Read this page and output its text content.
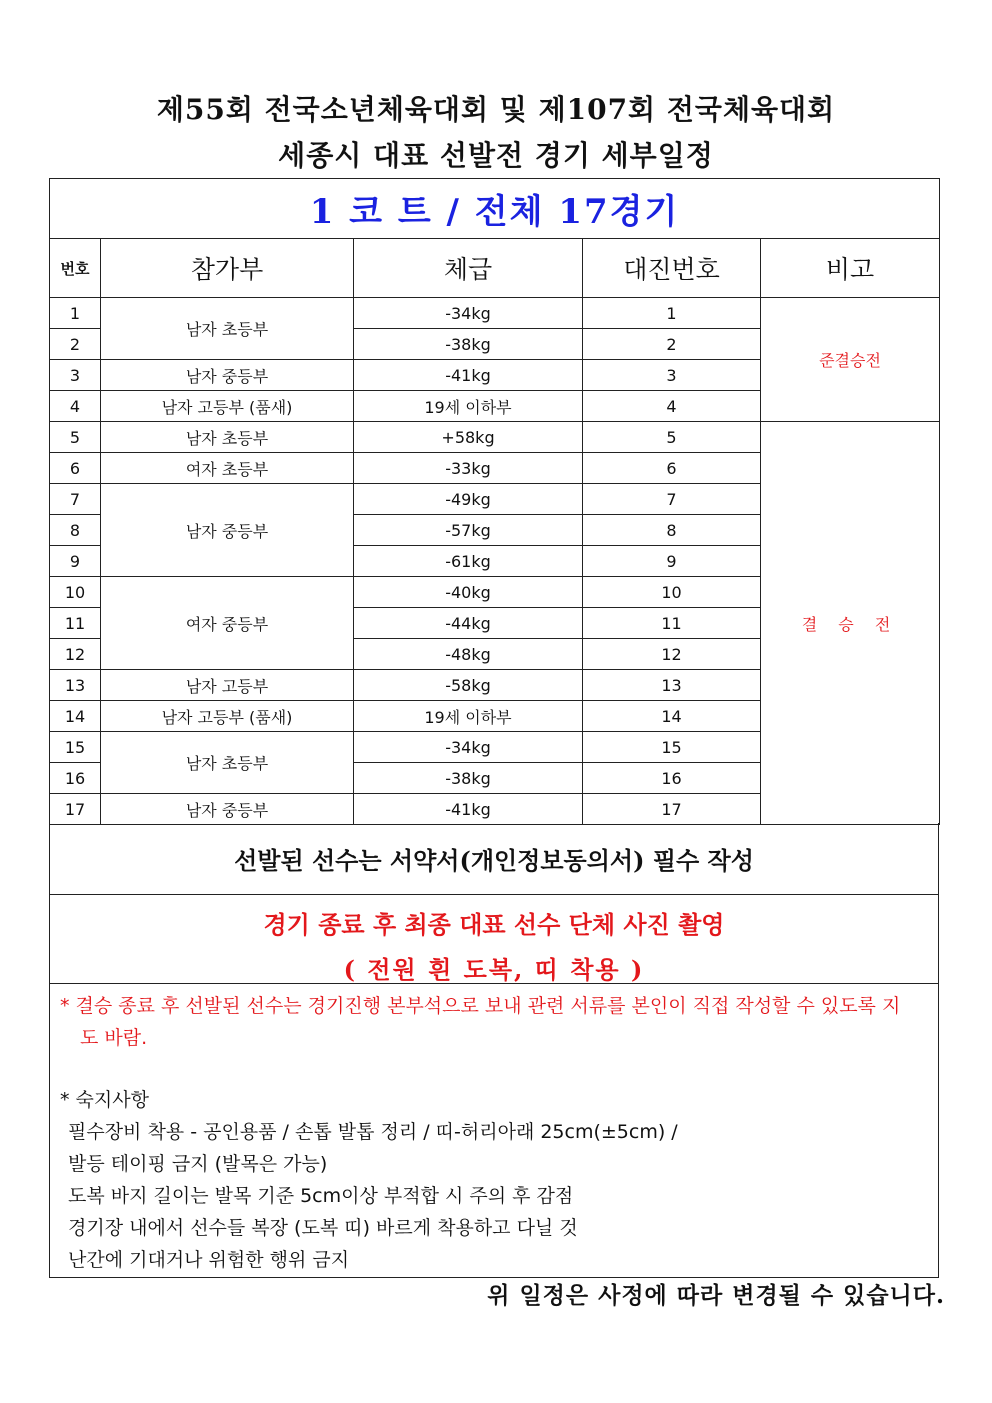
제55회 전국소년체육대회 및 제107회 전국체육대회
세종시 대표 선발전 경기 세부일정
1 코 트 / 전체 17경기				
번호	참가부	체급	대진번호	비고
1	남자 초등부	-34kg	1	준결승전
2		-38kg	2	
3	남자 중등부	-41kg	3	
4	남자 고등부 (품새)	19세 이하부	4	
5	남자 초등부	+58kg	5	결 승 전
6	여자 초등부	-33kg	6	
7	남자 중등부	-49kg	7	
8		-57kg	8	
9		-61kg	9	
10	여자 중등부	-40kg	10	
11		-44kg	11	
12		-48kg	12	
13	남자 고등부	-58kg	13	
14	남자 고등부 (품새)	19세 이하부	14	
15	남자 초등부	-34kg	15	
16		-38kg	16	
17	남자 중등부	-41kg	17	
선발된 선수는 서약서(개인정보동의서) 필수 작성
경기 종료 후 최종 대표 선수 단체 사진 촬영
( 전원 흰 도복, 띠 착용 )
* 결승 종료 후 선발된 선수는 경기진행 본부석으로 보내 관련 서류를 본인이 직접 작성할 수 있도록 지도 바람.
* 숙지사항
필수장비 착용 - 공인용품 / 손톱 발톱 정리 / 띠-허리아래 25cm(±5cm) /
발등 테이핑 금지 (발목은 가능)
도복 바지 길이는 발목 기준 5cm이상 부적합 시 주의 후 감점
경기장 내에서 선수들 복장 (도복 띠) 바르게 착용하고 다닐 것
난간에 기대거나 위험한 행위 금지
위 일정은 사정에 따라 변경될 수 있습니다.
